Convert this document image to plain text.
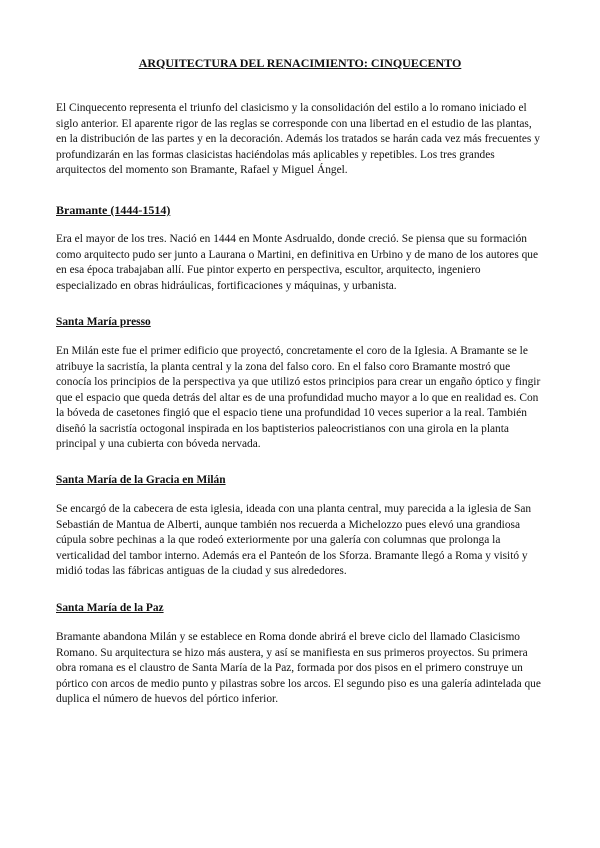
ARQUITECTURA DEL RENACIMIENTO: CINQUECENTO

El Cinquecento representa el triunfo del clasicismo y la consolidación del estilo a lo romano iniciado el siglo anterior. El aparente rigor de las reglas se corresponde con una libertad en el estudio de las plantas, en la distribución de las partes y en la decoración. Además los tratados se harán cada vez más frecuentes y profundizarán en las formas clasicistas haciéndolas más aplicables y repetibles. Los tres grandes arquitectos del momento son Bramante, Rafael y Miguel Ángel.

Bramante (1444-1514)

Era el mayor de los tres. Nació en 1444 en Monte Asdrualdo, donde creció. Se piensa que su formación como arquitecto pudo ser junto a Laurana o Martini, en definitiva en Urbino y de mano de los autores que en esa época trabajaban allí. Fue pintor experto en perspectiva, escultor, arquitecto, ingeniero especializado en obras hidráulicas, fortificaciones y máquinas, y urbanista.

Santa María presso

En Milán este fue el primer edificio que proyectó, concretamente el coro de la Iglesia. A Bramante se le atribuye la sacristía, la planta central y la zona del falso coro. En el falso coro Bramante mostró que conocía los principios de la perspectiva ya que utilizó estos principios para crear un engaño óptico y fingir que el espacio que queda detrás del altar es de una profundidad mucho mayor a lo que en realidad es. Con la bóveda de casetones fingió que el espacio tiene una profundidad 10 veces superior a la real. También diseñó la sacristía octogonal inspirada en los baptisterios paleocristianos con una girola en la planta principal y una cubierta con bóveda nervada.

Santa María de la Gracia en Milán

Se encargó de la cabecera de esta iglesia, ideada con una planta central, muy parecida a la iglesia de San Sebastián de Mantua de Alberti, aunque también nos recuerda a Michelozzo pues elevó una grandiosa cúpula sobre pechinas a la que rodeó exteriormente por una galería con columnas que prolonga la verticalidad del tambor interno. Además era el Panteón de los Sforza. Bramante llegó a Roma y visitó y midió todas las fábricas antiguas de la ciudad y sus alrededores.

Santa María de la Paz

Bramante abandona Milán y se establece en Roma donde abrirá el breve ciclo del llamado Clasicismo Romano. Su arquitectura se hizo más austera, y así se manifiesta en sus primeros proyectos. Su primera obra romana es el claustro de Santa María de la Paz, formada por dos pisos en el primero construye un pórtico con arcos de medio punto y pilastras sobre los arcos. El segundo piso es una galería adintelada que duplica el número de huevos del pórtico inferior.
